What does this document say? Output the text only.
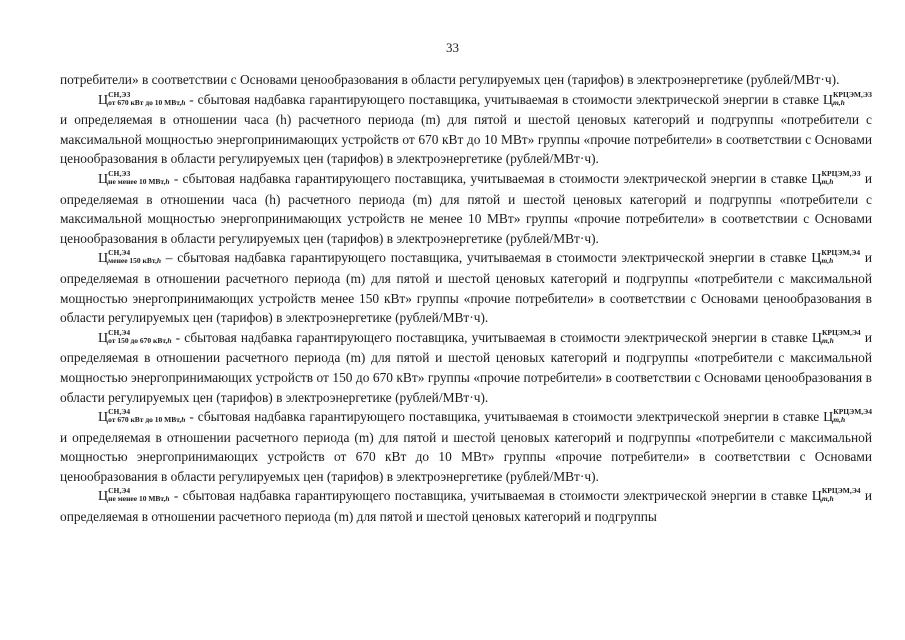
33

потребители» в соответствии с Основами ценообразования в области регулируемых цен (тарифов) в электроэнергетике (рублей/МВт·ч).

Ц СН,ЭЗ
от 670 кВт до 10 МВт,h - сбытовая надбавка гарантирующего поставщика, учитываемая в стоимости электрической энергии в ставке Ц КРЦЭМ,ЭЗ
m,h
и определяемая в отношении часа (h) расчетного периода (m) для пятой и шестой ценовых категорий и подгруппы «потребители с максимальной мощностью энергопринимающих устройств от 670 кВт до 10 МВт» группы «прочие потребители» в соответствии с Основами ценообразования в области регулируемых цен (тарифов) в электроэнергетике (рублей/МВт·ч).

Ц СН,ЭЗ
не менее 10 МВт,h - сбытовая надбавка гарантирующего поставщика, учитываемая в стоимости электрической энергии в ставке Ц КРЦЭМ,ЭЗ
m,h	и определяемая в отношении часа (h) расчетного периода (m) для пятой и шестой ценовых категорий и подгруппы «потребители с максимальной мощностью энергопринимающих устройств не менее 10 МВт» группы «прочие потребители» в соответствии с Основами ценообразования в области регулируемых цен (тарифов) в электроэнергетике (рублей/МВт·ч).

Ц СН,Э4
менее 150 кВт,h – сбытовая надбавка гарантирующего поставщика, учитываемая в стоимости электрической энергии в ставке Ц КРЦЭМ,Э4
m,h	и определяемая в отношении расчетного периода (m) для пятой и шестой ценовых категорий и подгруппы «потребители с максимальной мощностью энергопринимающих устройств менее 150 кВт» группы «прочие потребители» в соответствии с Основами ценообразования в области регулируемых цен (тарифов) в электроэнергетике (рублей/МВт·ч).

Ц СН,Э4
от 150 до 670 кВт,h - сбытовая надбавка гарантирующего поставщика, учитываемая в стоимости электрической энергии в ставке Ц КРЦЭМ,Э4
m,h	и определяемая в отношении расчетного периода (m) для пятой и шестой ценовых категорий и подгруппы «потребители с максимальной мощностью энергопринимающих устройств от 150 до 670 кВт» группы «прочие потребители» в соответствии с Основами ценообразования в области регулируемых цен (тарифов) в электроэнергетике (рублей/МВт·ч).

Ц СН,Э4
от 670 кВт до 10 МВт,h - сбытовая надбавка гарантирующего поставщика, учитываемая в стоимости электрической энергии в ставке Ц КРЦЭМ,Э4
m,h
и определяемая в отношении расчетного периода (m) для пятой и шестой ценовых категорий и подгруппы «потребители с максимальной мощностью энергопринимающих устройств от 670 кВт до 10 МВт» группы «прочие потребители» в соответствии с Основами ценообразования в области регулируемых цен (тарифов) в электроэнергетике (рублей/МВт·ч).

Ц СН,Э4
не менее 10 МВт,h - сбытовая надбавка гарантирующего поставщика, учитываемая в стоимости электрической энергии в ставке Ц КРЦЭМ,Э4
m,h	и определяемая в отношении расчетного периода (m) для пятой и шестой ценовых категорий и подгруппы
